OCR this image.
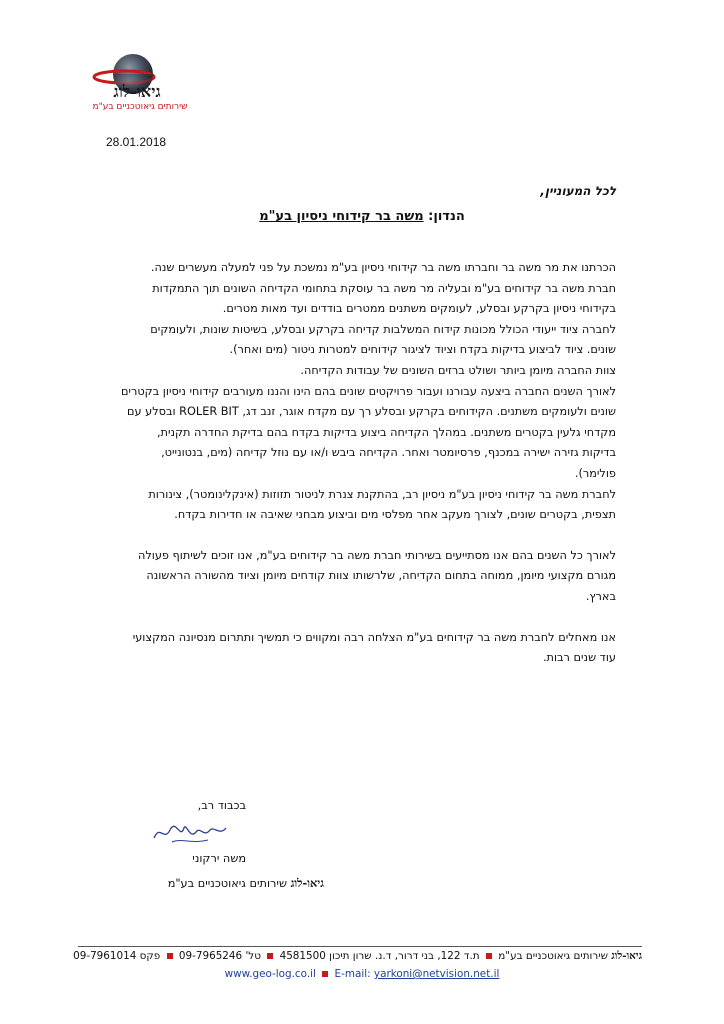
גיאו-לוג
שירותים גיאוטכניים בע"מ
28.01.2018
לכל המעוניין,
הנדון: משה בר קידוחי ניסיון בע"מ

הכרתנו את מר משה בר וחברתו משה בר קידוחי ניסיון בע"מ נמשכת על פני למעלה מעשרים שנה.

חברת משה בר קידוחים בע"מ ובעליה מר משה בר עוסקת בתחומי הקדיחה השונים תוך התמקדות בקידוחי ניסיון בקרקע ובסלע, לעומקים משתנים ממטרים בודדים ועד מאות מטרים.

לחברה ציוד ייעודי הכולל מכונות קידוח המשלבות קדיחה בקרקע ובסלע, בשיטות שונות, ולעומקים שונים. ציוד לביצוע בדיקות בקדח וציוד לציגור קידוחים למטרות ניטור (מים ואחר).

צוות החברה מיומן ביותר ושולט ברזים השונים של עבודות הקדיחה.

לאורך השנים החברה ביצעה עבורנו ועבור פרויקטים שונים בהם הינו והננו מעורבים קידוחי ניסיון בקטרים שונים ולעומקים משתנים. הקידוחים בקרקע ובסלע רך עם מקדח אוגר, זנב דג, ROLER BIT ובסלע עם מקדחי גלעין בקטרים משתנים. במהלך הקדיחה ביצוע בדיקות בקדח בהם בדיקת החדרה תקנית, בדיקות גזירה ישירה במכנף, פרסיומטר ואחר. הקדיחה ביבש ו/או עם נוזל קדיחה (מים, בנטונייט, פולימר).

לחברת משה בר קידוחי ניסיון בע"מ ניסיון רב, בהתקנת צנרת לניטור תזוזות (אינקלינומטר), צינורות תצפית, בקטרים שונים, לצורך מעקב אחר מפלסי מים וביצוע מבחני שאיבה או חדירות בקדח.

לאורך כל השנים בהם אנו מסתייעים בשירותי חברת משה בר קידוחים בע"מ, אנו זוכים לשיתוף פעולה מגורם מקצועי מיומן, ממוחה בתחום הקדיחה, שלרשותו צוות קודחים מיומן וציוד מהשורה הראשונה בארץ.

אנו מאחלים לחברת משה בר קידוחים בע"מ הצלחה רבה ומקווים כי תמשיך ותתרום מנסיונה המקצועי עוד שנים רבות.

בכבוד רב,
משה ירקוני
גיאו-לוג שירותים גיאוטכניים בע"מ
גיאו-לוג שירותים גיאוטכניים בע"מ  ת.ד 122, בני דרור, ד.נ. שרון תיכון 4581500  טל' 09-7965246  פקס 09-7961014
www.geo-log.co.il E-mail: yarkoni@netvision.net.il
